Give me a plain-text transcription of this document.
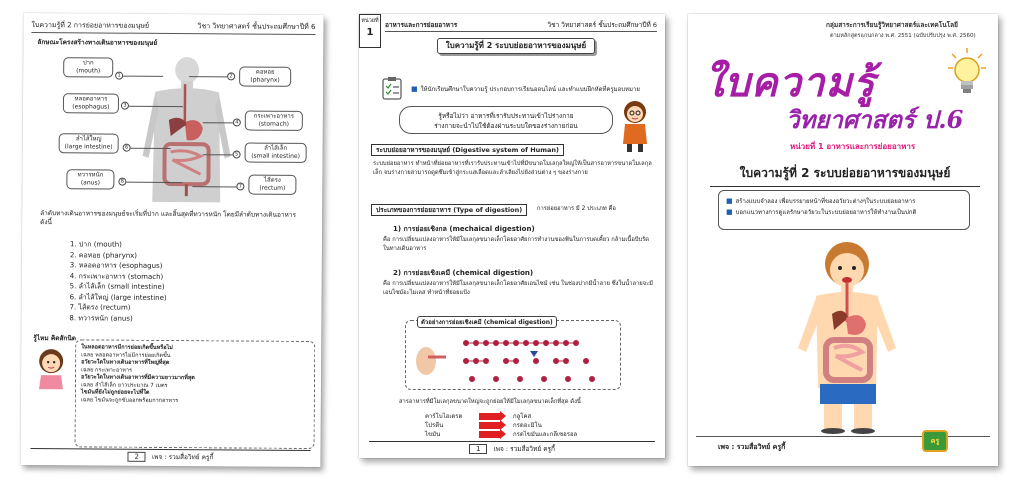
ใบความรู้ที่ 2 การย่อยอาหารของมนุษย์	วิชา วิทยาศาสตร์ ชั้นประถมศึกษาปีที่ 6
ลักษณะโครงสร้างทางเดินอาหารของมนุษย์
ปาก
(mouth)
1
หลอดอาหาร
(esophagus)	3
ลำไส้ใหญ่
(large intestine)	6
ทวารหนัก
(anus)	8
คอหอย
(pharynx)
2
กระเพาะอาหาร
(stomach)
4
ลำไส้เล็ก
(small intestine)
5
ไส้ตรง
(rectum)
7
ลำดับทางเดินอาหารของมนุษย์จะเริ่มที่ปาก และสิ้นสุดที่ทวารหนัก โดยมีลำดับทางเดินอาหาร ดังนี้
1. ปาก (mouth)
2. คอหอย (pharynx)
3. หลอดอาหาร (esophagus)
4. กระเพาะอาหาร (stomach)
5. ลำไส้เล็ก (small intestine)
6. ลำไส้ใหญ่ (large intestine)
7. ไส้ตรง (rectum)
8. ทวารหนัก (anus)
รู้ไหม คิดสักนิด
ในหลอดอาหารมีการย่อยเกิดขึ้นหรือไม่
เฉลย หลอดอาหารไม่มีการย่อยเกิดขึ้น
อวัยวะใดในทางเดินอาหารที่ใหญ่ที่สุด
เฉลย กระเพาะอาหาร
อวัยวะใดในทางเดินอาหารที่มีความยาวมากที่สุด
เฉลย ลำไส้เล็ก ยาวประมาณ 7 เมตร
ไขมันที่ยังไม่ถูกย่อยจะไปที่ใด
เฉลย ไขมันจะถูกขับออกพร้อมกากอาหาร
2	เพจ : รวมสื่อวิทย์ ครูกี้
หน่วยที่
1
อาหารและการย่อยอาหาร	วิชา วิทยาศาสตร์ ชั้นประถมศึกษาปีที่ 6
ใบความรู้ที่ 2 ระบบย่อยอาหารของมนุษย์
■ ให้นักเรียนศึกษาใบความรู้ ประกอบการเรียนออนไลน์ และทำแบบฝึกหัดที่ครูมอบหมาย
รู้หรือไม่ว่า อาหารที่เรารับประทานเข้าไปร่างกาย
ร่างกายจะนำไปใช้ต้องผ่านระบบใดของร่างกายก่อน
ระบบย่อยอาหารของมนุษย์ (Digestive system of Human)
ระบบย่อยอาหาร ทำหน้าที่ย่อยอาหารที่เรารับประทานเข้าไปที่มีขนาดโมเลกุลใหญ่ให้เป็นสารอาหารขนาดโมเลกุลเล็ก จนร่างกายสามารถดูดซึมเข้าสู่กระแสเลือดและลำเลียงไปยังส่วนต่าง ๆ ของร่างกาย
ประเภทของการย่อยอาหาร (Type of digestion)	การย่อยอาหาร มี 2 ประเภท คือ
1) การย่อยเชิงกล (mechaical digestion)
คือ การเปลี่ยนแปลงอาหารให้มีโมเลกุลขนาดเล็กโดยอาศัยการทำงานของฟันในการบดเคี้ยว กล้ามเนื้อบีบรัดในทางเดินอาหาร
2) การย่อยเชิงเคมี (chemical digestion)
คือ การเปลี่ยนแปลงอาหารให้มีโมเลกุลขนาดเล็กโดยอาศัยเอนไซม์ เช่น ในช่องปากมีน้ำลาย ซึ่งในน้ำลายจะมีเอนไซม์อะไมเลส ทำหน้าที่ย่อยแป้ง
ตัวอย่างการย่อยเชิงเคมี (chemical digestion)
สารอาหารที่มีโมเลกุลขนาดใหญ่จะถูกย่อยให้มีโมเลกุลขนาดเล็กที่สุด ดังนี้
คาร์โบไฮเดรต	กลูโคส
โปรตีน	กรดอะมิโน
ไขมัน	กรดไขมันและกลีเซอรอล
1	เพจ : รวมสื่อวิทย์ ครูกี้
กลุ่มสาระการเรียนรู้วิทยาศาสตร์และเทคโนโลยี
ตามหลักสูตรแกนกลาง พ.ศ. 2551 (ฉบับปรับปรุง พ.ศ. 2560)
ใบความรู้
วิทยาศาสตร์ ป.6
หน่วยที่ 1 อาหารและการย่อยอาหาร
ใบความรู้ที่ 2 ระบบย่อยอาหารของมนุษย์
■ สร้างแบบจำลอง เพื่อบรรยายหน้าที่ของอวัยวะต่างๆในระบบย่อยอาหาร
■ บอกแนวทางการดูแลรักษาอวัยวะในระบบย่อยอาหารให้ทำงานเป็นปกติ
เพจ : รวมสื่อวิทย์ ครูกี้
ครู
